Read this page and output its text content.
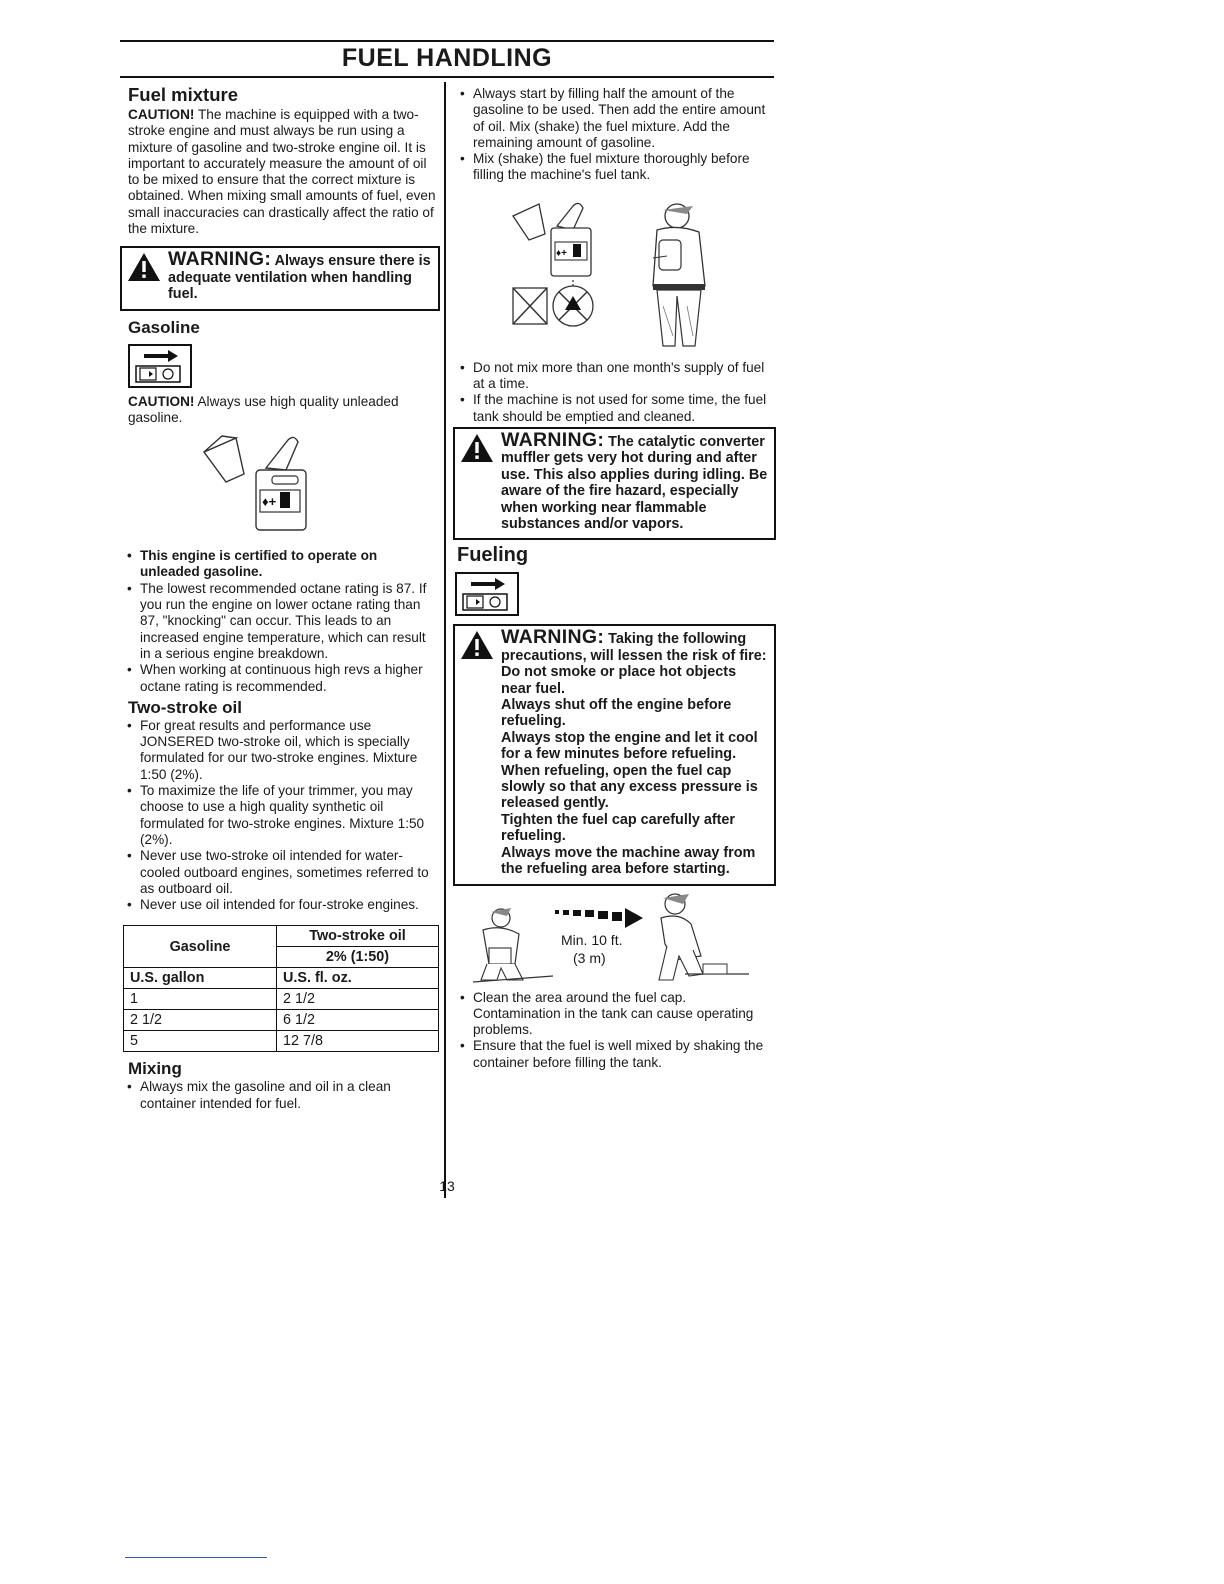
FUEL HANDLING
Fuel mixture

CAUTION! The machine is equipped with a two-stroke engine and must always be run using a mixture of gasoline and two-stroke engine oil. It is important to accurately measure the amount of oil to be mixed to ensure that the correct mixture is obtained. When mixing small amounts of fuel, even small inaccuracies can drastically affect the ratio of the mixture.

WARNING: Always ensure there is adequate ventilation when handling fuel.
Gasoline

CAUTION! Always use high quality unleaded gasoline.

♦+
• This engine is certified to operate on unleaded gasoline.
• The lowest recommended octane rating is 87. If you run the engine on lower octane rating than 87, "knocking" can occur. This leads to an increased engine temperature, which can result in a serious engine breakdown.
• When working at continuous high revs a higher octane rating is recommended.
Two-stroke oil
• For great results and performance use JONSERED two-stroke oil, which is specially formulated for our two-stroke engines. Mixture 1:50 (2%).
• To maximize the life of your trimmer, you may choose to use a high quality synthetic oil formulated for two-stroke engines. Mixture 1:50 (2%).
• Never use two-stroke oil intended for water-cooled outboard engines, sometimes referred to as outboard oil.
• Never use oil intended for four-stroke engines.
Gasoline	Two-stroke oil
	2% (1:50)
U.S. gallon	U.S. fl. oz.
1	2 1/2
2 1/2	6 1/2
5	12 7/8
Mixing
• Always mix the gasoline and oil in a clean container intended for fuel.
• Always start by filling half the amount of the gasoline to be used. Then add the entire amount of oil. Mix (shake) the fuel mixture. Add the remaining amount of gasoline.
• Mix (shake) the fuel mixture thoroughly before filling the machine's fuel tank.
♦+
• Do not mix more than one month's supply of fuel at a time.
• If the machine is not used for some time, the fuel tank should be emptied and cleaned.
WARNING: The catalytic converter muffler gets very hot during and after use. This also applies during idling. Be aware of the fire hazard, especially when working near flammable substances and/or vapors.
Fueling
WARNING: Taking the following precautions, will lessen the risk of fire:
Do not smoke or place hot objects near fuel.
Always shut off the engine before refueling.
Always stop the engine and let it cool for a few minutes before refueling.
When refueling, open the fuel cap slowly so that any excess pressure is released gently.
Tighten the fuel cap carefully after refueling.
Always move the machine away from the refueling area before starting.
Min. 10 ft.
(3 m)
• Clean the area around the fuel cap. Contamination in the tank can cause operating problems.
• Ensure that the fuel is well mixed by shaking the container before filling the tank.
13
